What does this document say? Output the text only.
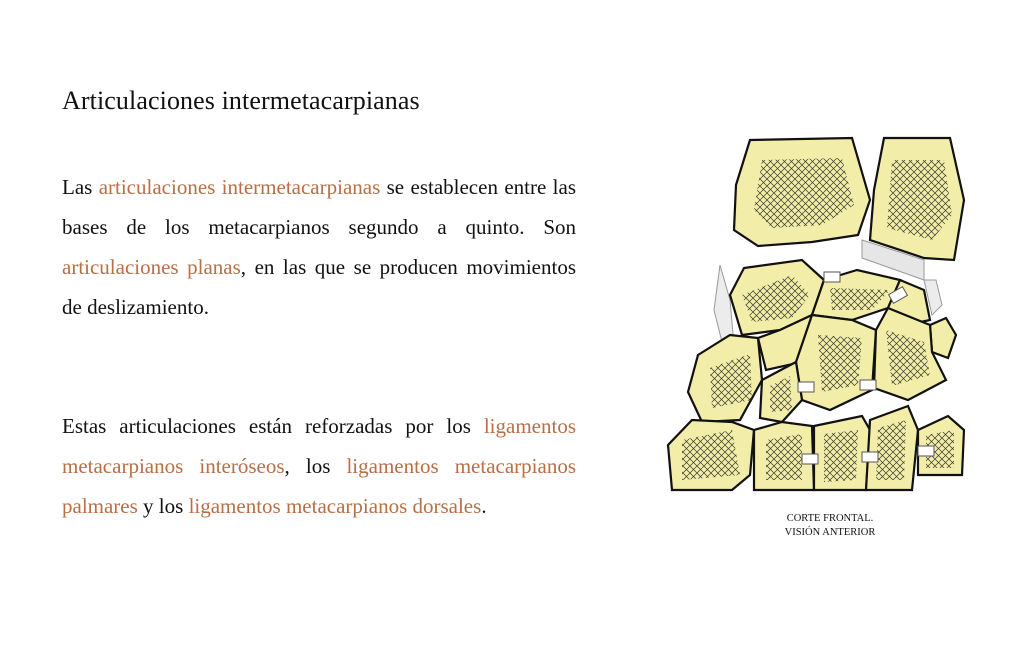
Articulaciones intermetacarpianas

Las articulaciones intermetacarpianas se establecen entre las bases de los metacarpianos segundo a quinto. Son articulaciones planas, en las que se producen movimientos de deslizamiento.

Estas articulaciones están reforzadas por los ligamentos metacarpianos interóseos, los ligamentos metacarpianos palmares y los ligamentos metacarpianos dorsales.

CORTE FRONTAL.
VISIÓN ANTERIOR
